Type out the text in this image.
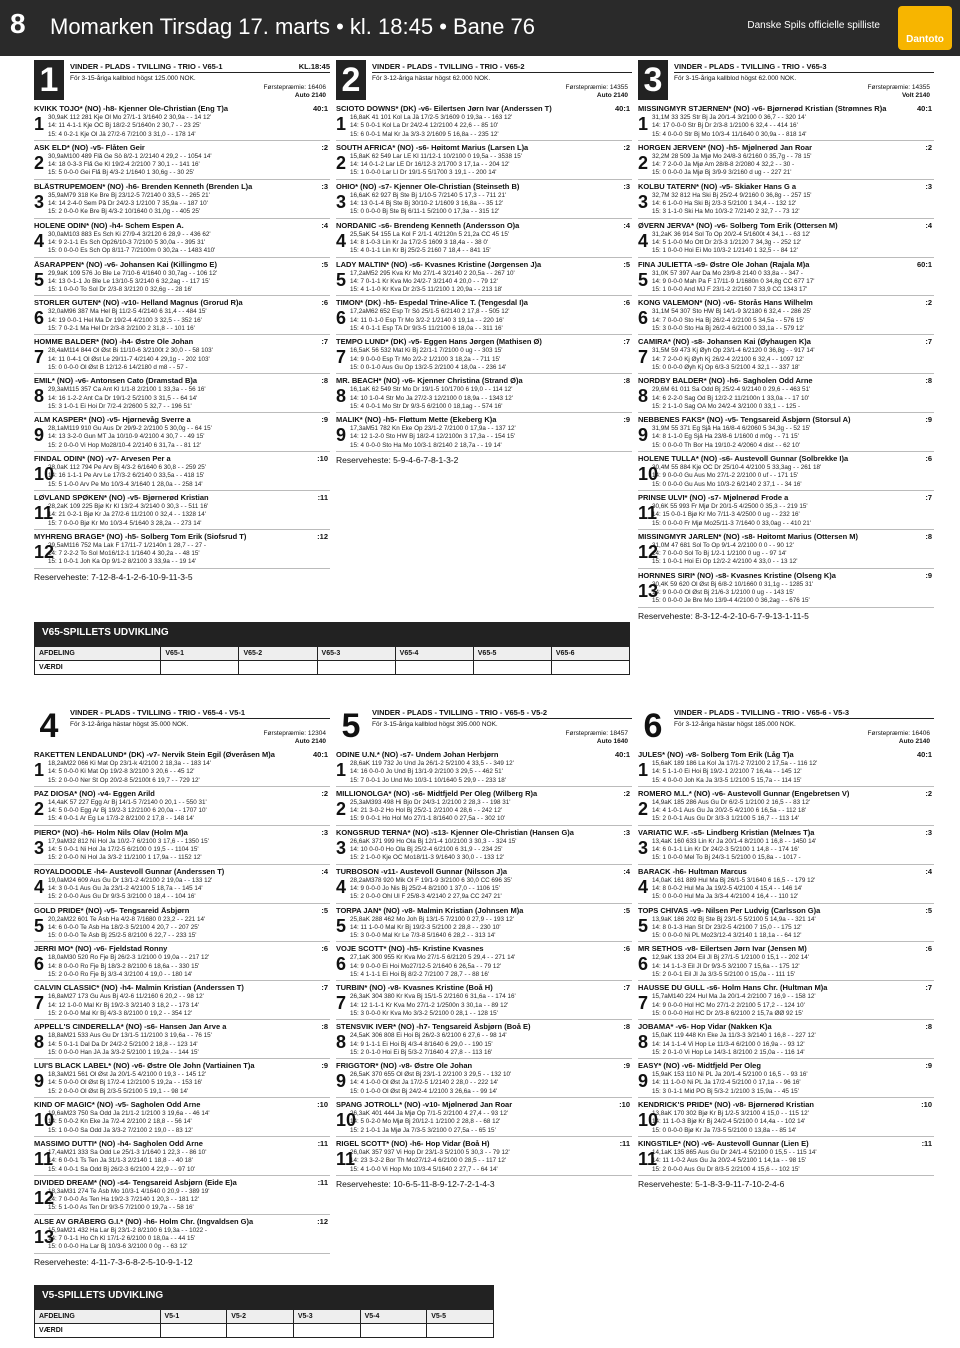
8 Momarken Tirsdag 17. marts • kl. 18:45 • Bane 76	Danske Spils officielle spilliste
Dantoto
1	VINDER - PLADS - TVILLING - TRIO - V65-1	KL.18:45
För 3-15-åriga kallblod högst 125.000 NOK.
Førstepræmie: 16406
Auto 2140
KVIKK TOJO* (NO) -h8- Kjenner Ole-Christian (Eng T)a	40:1
1 30,9aK 112 281 Kje Ol Mo 27/1-1 3/1640 2 30,9a - - 14 12'
14: 11 4-1-1 Kje OC Bj 18/2-2 5/1640n 2 30,7 - - 23 25'
15: 4 0-2-1 Kje Ol Jä 27/2-6 7/2100 3 31,0 - - 178 14'
ASK ELD* (NO) -v5- Flåten Geir	:2
2 30,9aM100 489 Flå Ge Sö 8/2-1 2/2140 4 29,2 - - 1054 14'
14: 18 0-3-3 Flå Ge Kl 19/2-4 2/2100 7 30,1 - - 141 16'
15: 5 0-0-0 Gei Flå Bj 4/3-2 1/1640 1 30,6g - - 30 25'
BLÅSTRUPEMOEN* (NO) -h6- Brenden Kenneth (Brenden L)a	:3
3 35,9aM79 318 Ke Bre Bj 23/12-5 7/2140 0 33,5 - - 265 21'
14: 14 2-4-0 Sem På Dr 24/2-3 1/2100 7 35,9a - - 187 10'
15: 2 0-0-0 Ke Bre Bj 4/3-2 10/1640 0 31,0g - - 405 25'
HOLENE ODIN* (NO) -h4- Schem Espen A.	:4
4 30,0aM103 883 Es Sch Ki 27/9-4 3/2120 6 28,9 - - 436 62'
14: 9 2-1-1 Es Sch Op26/10-3 7/2100 5 30,0a - - 395 31'
15: 0 0-0-0 Es Sch Op 8/11-7 7/2100m 0 30,2a - - 1483 410'
ÅSARAPPEN* (NO) -v6- Johansen Kai (Killingmo E)	:5
5 29,9aK 109 576 Jo Ble Le 7/10-6 4/1640 0 30,7ag - - 106 12'
14: 13 0-1-1 Jo Ble Le 13/10-5 3/2140 6 32,2ag - - 117 15'
15: 1 0-0-0 To Sol Dr 2/3-8 3/2120 0 32,6g - - 28 16'
STORLER GUTEN* (NO) -v10- Helland Magnus (Grorud R)a	:6
6 32,0aM96 387 Ma Hel Bj 11/2-5 4/2140 6 31,4 - - 484 15'
14: 19 0-0-1 Hel Ma Dr 19/2-4 4/2100 3 32,5 - - 352 16'
15: 7 0-2-1 Ma Hel Dr 2/3-8 2/2100 2 31,8 - - 101 16'
HOMME BALDER* (NO) -h4- Østre Ole Johan	:7
7 28,4aM114 844 Ol Øst Bi 11/10-6 3/2100t 2 30,0 - - 58 103'
14: 11 0-4-1 Ol Øst Le 29/11-7 4/2140 4 29,1g - - 202 103'
15: 0 0-0-0 Ol Øst B 12/12-6 14/2180 d m8 - - 57 -
EMIL* (NO) -v6- Antonsen Cato (Dramstad B)a	:8
8 29,3aM115 357 Ca Ant Kl 1/1-8 2/2100 1 33,3a - - 56 16'
14: 16 1-2-2 Ant Ca Dr 19/1-2 5/2100 3 31,5 - - 64 14'
15: 3 1-0-1 Ei Hoi Dr 7/2-4 2/2600 5 32,7 - - 196 51'
ALM KASPER* (NO) -v5- Hjørnevåg Sverre a	:9
9 28,1aM119 910 Gu Aus Dr 29/9-2 2/2100 5 30,0g - - 64 15'
14: 13 3-2-0 Gun MT Ja 10/10-9 4/2100 4 30,7 - - 49 15'
15: 2 0-0-0 Vi Hop Mo28/10-4 2/2140 6 31,7a - - 81 12'
FINDAL ODIN* (NO) -v7- Arvesen Per a	:10
10
28,0aK 112 794 Pe Arv Bj 4/3-2 6/1640 6 30,8 - - 259 25'
14: 16 1-1-1 Pe Arv Le 17/3-2 6/2140 0 33,5a - - 418 15'
15: 5 1-0-0 Arv Pe Mo 10/3-4 3/1640 1 28,0a - - 258 14'
LØVLAND SPØKEN* (NO) -v5- Bjørnerød Kristian	:11
11
28,2aK 109 225 Bjø Kr Kl 13/2-4 3/2140 0 30,3 - - 511 16'
14: 21 0-2-1 Bjø Kr Ja 27/2-6 11/2100 0 32,4 - - 1328 14'
15: 7 0-0-0 Bjø Kr Mo 10/3-4 5/1640 3 28,2a - - 273 14'
MYHRENG BRAGE* (NO) -h5- Solberg Tom Erik (Siofsrud T)	:12
12
29,5aM116 752 Ma Lak F 17/11-7 1/2140n 1 28,7 - - 27 -
14: 7 2-2-2 To Sol Mo16/12-1 1/1640 4 30,2a - - 48 15'
15: 1 0-0-1 Joh Ka Op 9/1-2 8/2100 3 33,9a - - 19 14'
Reserveheste: 7-12-8-4-1-2-6-10-9-11-3-5
2	VINDER - PLADS - TVILLING - TRIO - V65-2
För 3-12-åriga hästar högst 62.000 NOK.
Førstepræmie: 14355
Auto 2140
SCIOTO DOWNS* (DK) -v6- Eilertsen Jørn Ivar (Anderssen T)	40:1
1 16,8aK 41 101 Kol La Jä 17/2-5 3/1609 0 19,3a - - 163 12'
14: 5 0-0-1 Kol La Dr 24/2-4 12/2100 4 22,6 - - 85 10'
15: 6 0-0-1 Mal Kr Ja 3/3-3 2/1609 5 16,8a - - 235 12'
SOUTH AFRICA* (NO) -s6- Høitomt Marius (Larsen L)a	:2
2 15,8aK 62 549 Lar LE Kl 11/12-1 10/2100 0 19,5a - - 3538 15'
14: 14 0-1-2 Lar LE Dr 16/12-3 2/1700 3 17,1a - - 204 12'
15: 1 0-0-0 Lar LI Dr 19/1-5 5/1700 3 19,1 - - 200 14'
OHIO* (NO) -s7- Kjenner Ole-Christian (Steinseth B)	:3
3 16,6aK 62 927 Bj Ste Bj 1/10-5 7/2140 5 17,3 - - 711 21'
14: 13 0-1-4 Bj Ste Bj 30/10-2 1/1609 3 16,8a - - 35 12'
15: 0 0-0-0 Bj Ste Bj 6/11-1 5/2100 0 17,3a - - 315 12'
NORDANIC -s6- Brendeng Kenneth (Andersson O)a	:4
4 25,5aK 54 155 La Kol F 2/1-1 4/2120n 5 21,2a CC 45 15'
14: 8 1-0-3 Lin Kr Ja 17/2-5 1609 3 18,4a - - 38 0'
15: 4 0-1-1 Lin Kr Bj 25/2-5 2160 7 18,4 - - 841 15'
LADY MALTIN* (NO) -s6- Kvasnes Kristine (Jørgensen J)a	:5
5 17,2aM52 295 Kva Kr Mo 27/1-4 3/2140 2 20,5a - - 267 10'
14: 7 0-1-1 Kr Kva Mo 24/2-7 3/2140 4 20,0 - - 79 12'
15: 4 1-1-0 Kr Kva Dr 2/3-5 11/2100 1 20,9a - - 213 18'
TIMON* (DK) -h5- Espedal Trine-Alice T. (Tengesdal I)a	:6
6 17,2aM62 652 Esp Tr Sö 25/1-5 6/2140 2 17,8 - - 505 12'
14: 11 0-1-0 Esp Tr Mo 3/2-2 1/2140 3 19,1a - - 220 16'
15: 4 0-1-1 Esp TA Dr 9/3-5 11/2100 6 18,0a - - 311 16'
TEMPO LUND* (DK) -v5- Eggen Hans Jørgen (Mathisen Ø)	:7
7 16,5aK 56 532 Mat Ki Bj 22/1-1 7/2100 0 ug - - 303 15'
14: 9 0-0-0 Esp Tr Mo 2/2-2 1/2100 3 18,2a - - 711 15'
15: 0 0-1-0 Aus Gu Op 13/2-5 2/2100 4 18,0a - - 236 14'
MR. BEACH* (NO) -v6- Kjenner Christina (Strand Ø)a	:8
8 16,1aK 62 549 Str Mo Dr 19/1-5 10/1700 6 19,0 - - 114 12'
14: 10 1-0-4 Str Mo Ja 27/2-3 12/2100 0 18,9a - - 1343 12'
15: 4 0-0-1 Mo Str Dr 9/3-5 6/2100 0 18,1ag - - 574 16'
MALIK* (NO) -h5- Fløttum Mette (Ekeberg K)a	:9
9 17,3aM51 782 Kn Eke Op 23/1-2 7/2100 0 17,9a - - 137 12'
14: 12 1-2-0 Sto HW Bj 18/2-4 12/2100n 3 17,3a - - 154 15'
15: 4 0-0-0 Sto Ha Mo 10/3-1 8/2140 2 18,7a - - 19 14'
Reserveheste: 5-9-4-6-7-8-1-3-2
3	VINDER - PLADS - TVILLING - TRIO - V65-3
För 3-15-åriga kallblod högst 62.000 NOK.
Førstepræmie: 14355
Volt 2140
MISSINGMYR STJERNEN* (NO) -v6- Bjørnerød Kristian (Strømnes R)a	40:1
1 31,1M 33 325 Str Bj Ja 20/1-4 3/2100 0 36,7 - - 320 14'
14: 17 0-0-0 Str Bj Dr 2/3-8 1/2100 6 32,4 - - 414 16'
15: 4 0-0-0 Str Bj Mo 10/3-4 11/1640 0 30,9a - - 818 14'
HORGEN JERVEN* (NO) -h5- Mjølnerød Jan Roar	:2
2 32,2M 28 509 Ja Mjø Mo 24/8-3 6/2160 0 35,7g - - 78 15'
14: 7 2-0-0 Ja Mjø Am 28/8-8 2/2080 4 32,2 - - 30 -
15: 0 0-0-0 Ja Mjø Bj 3/9-9 3/2160 d ug - - 227 21'
KOLBU TATERN* (NO) -v5- Skiaker Hans G a	:3
3 32,7M 32 812 Ha Ski Bj 25/2-4 9/2160 0 36,8g - - 257 15'
14: 6 1-0-0 Ha Ski Bj 2/3-3 5/2100 1 34,4 - - 132 12'
15: 3 1-1-0 Ski Ha Mo 10/3-2 7/2140 2 32,7 - - 73 12'
ØVERN JERVA* (NO) -v6- Solberg Tom Erik (Ottersen M)	:4
4 31,2aK 36 914 Sol To Op 20/2-4 5/1600t 4 34,1 - - 63 12'
14: 5 1-0-0 Mo Ott Dr 2/3-3 1/2120 7 34,3g - - 252 12'
15: 1 0-0-0 Hoi Ei Mo 10/3-2 1/2140 1 32,5 - - 84 12'
FINA JULIETTA -s9- Østre Ole Johan (Rajala M)a	60:1
5 31,0K 57 397 Aar Da Mo 23/9-8 2140 0 33,8a - - 347 -
14: 9 0-0-0 Mah Pa F 17/11-9 1/1680n 0 34,8g CC 677 17'
15: 1 0-0-0 And MJ F 23/1-2 2/2160 7 33,9 CC 1343 17'
KONG VALEMON* (NO) -v6- Storås Hans Wilhelm	:2
6 31,1M 54 307 Sto HW Bj 14/1-9 3/2180 6 32,4 - - 286 25'
14: 7 0-0-0 Sto Ha Bj 26/2-4 2/2100 5 34,5a - - 576 15'
15: 3 0-0-0 Sto Ha Bj 26/2-4 6/2100 0 33,1a - - 579 12'
CAMIRA* (NO) -s8- Johansen Kai (Øyhaugen K)a	:7
7 31,5M 59 473 Kj Øyh Op 23/1-4 6/2120 0 36,8g - - 917 14'
14: 7 2-0-0 Kj Øyh Kj 26/2-4 2/2100 6 32,4 - - 1097 12'
15: 0 0-0-0 Øyh Kj Op 6/3-3 5/2100 4 32,1 - - 337 18'
NORDBY BALDER* (NO) -h6- Sagholen Odd Arne	:8
8 29,6M 61 011 Sa Odd Bj 25/2-4 9/2140 0 29,6 - - 463 51'
14: 6 2-2-0 Sag Od Bj 12/2-2 11/2100n 1 33,0a - - 17 10'
15: 2 1-1-0 Sag OA Mo 24/2-4 3/2100 0 33,1 - - 125 -
NEBBENES FAKS* (NO) -v5- Tengsareid Åsbjørn (Storsul A)	:9
9 31,9M 55 371 Eg Sjå Ha 16/8-4 6/2060 5 34,3g - - 52 15'
14: 8 1-1-0 Eg Sjå Ha 23/8-6 1/1600 d m0g - - 71 15'
15: 0 0-0-0 Th Bor Ha 19/10-2 4/2060 4 dist - - 62 10'
HOLENE TULLA* (NO) -s6- Austevoll Gunnar (Solbrekke I)a	:6
10
30,4M 55 884 Kje OC Dr 25/10-4 4/2100 5 33,3ag - - 261 18'
14: 9 0-0-0 Gu Aus Mo 27/1-2 2/2100 0 uf - - 171 15'
15: 0 0-0-0 Gu Aus Mo 10/3-2 6/2140 2 37,1 - - 34 16'
PRINSE ULVI* (NO) -s7- Mjølnerød Frode a	:7
11
30,6K 55 993 Fr Mjø Dr 20/1-5 4/2500 0 35,3 - - 219 15'
14: 15 0-0-1 Bjø Kr Mo 7/11-3 4/2500 0 ug - - 232 16'
15: 0 0-0-0 Fr Mjø Mo25/11-3 7/1640 0 33,0ag - - 410 21'
MISSINGMYR JARLEN* (NO) -s8- Høitomt Marius (Ottersen M)	:8
12
31,0M 47 681 Sol To Op 9/1-4 2/2100 0 0 - - 90 12'
14: 7 0-0-0 Sol To Bj 1/2-1 1/2100 0 ug - - 97 14'
15: 1 0-0-1 Hoi Ei Op 12/2-2 4/2100 4 33,0 - - 13 12'
HORNNES SIRI* (NO) -s8- Kvasnes Kristine (Olseng K)a	:9
13
30,4K 59 620 Ol Øst Bj 6/8-2 10/1660 0 31,1g - - 1285 31'
14: 9 0-0-0 Ol Øst Bj 21/6-3 1/2100 0 ug - - 143 15'
15: 0 0-0-0 Je Bre Mo 13/9-4 4/2100 0 36,2ag - - 676 15'
Reserveheste: 8-3-12-4-2-10-6-7-9-13-1-11-5
4	VINDER - PLADS - TVILLING - TRIO - V65-4 - V5-1
För 3-12-åriga hästar högst 35.000 NOK.
Førstepræmie: 12304
Auto 2140
RAKETTEN LENDALUND* (DK) -v7- Nervik Stein Egil (Øveråsen M)a	40:1
1 18,2aM22 066 Ki Mat Op 23/1-k 4/2100 2 18,3a - - 183 14'
14: 5 0-0-0 Ki Mat Op 19/2-8 3/2100 3 20,6 - - 45 12'
15: 2 0-0-0 Ner St Op 20/2-8 5/2100t 6 19,7 - - 729 12'
PAZ DIOSA* (NO) -v4- Eggen Arild	:2
2 14,4aK 57 227 Egg Ar Bj 14/1-5 7/2140 0 20,1 - - 550 31'
14: 5 0-0-0 Egg Ar Bj 19/2-3 12/2100 6 20,0a - - 1707 10'
15: 4 0-0-1 Ar Eg Le 17/3-2 8/2100 2 17,8 - - 148 14'
PIERO* (NO) -h6- Holm Nils Olav (Holm M)a	:3
3 17,9aM32 812 Ni Hol Ja 10/2-7 6/2100 3 17,6 - - 1350 15'
14: 5 0-0-1 Ni Hol Ja 17/2-5 6/2100 0 19,5 - - 1104 15'
15: 2 0-0-0 Ni Hol Ja 3/3-2 11/2100 1 17,9a - - 1152 12'
ROYALDOODLE -h4- Austevoll Gunnar (Anderssen T)	:4
4 19,0aM24 609 Aus Gu Dr 13/1-2 4/2100 2 19,0a - - 133 12'
14: 3 0-0-1 Aus Gu Ja 23/1-2 4/2100 5 18,7a - - 145 14'
15: 2 0-0-0 Aus Gu Dr 9/3-5 3/2100 0 18,4 - - 104 16'
GOLD PRIDE* (NO) -v5- Tengsareid Åsbjørn	:5
5 20,2aM22 601 Te Åsb Ha 4/2-8 7/1680 0 23,2 - - 221 14'
14: 6 0-0-0 Te Åsb Ha 18/2-3 5/2100 4 20,7 - - 207 25'
15: 0 0-0-0 Te Åsb Bj 25/2-5 8/2100 6 22,7 - - 233 15'
JERRI MO* (NO) -v6- Fjeldstad Ronny	:6
6 18,0aM30 520 Ro Fje Bj 26/2-3 1/2100 0 19,0a - - 217 12'
14: 8 0-0-0 Ro Fje Bj 18/3-2 8/2100 6 18,6a - - 330 15'
15: 2 0-0-0 Ro Fje Bj 3/3-4 3/2100 4 19,0 - - 180 14'
CALVIN CLASSIC* (NO) -h4- Malmin Kristian (Anderssen T)	:7
7 16,8aM27 173 Gu Aus Bj 4/2-6 11/2160 6 20,2 - - 98 12'
14: 12 1-0-0 Mal Kr Bj 19/2-3 3/2140 3 18,2 - - 173 14'
15: 2 0-0-0 Mal Kr Bj 4/3-3 8/2100 0 19,2 - - 354 12'
APPELL'S CINDERELLA* (NO) -s6- Hansen Jan Arve a	:8
8 18,8aM21 533 Aus Gu Dr 13/1-5 11/2100 3 19,6a - - 76 15'
14: 5 0-1-1 Dal Da Dr 24/2-2 5/2100 2 18,8 - - 123 14'
15: 0 0-0-0 Han JA Ja 3/3-2 5/2100 1 19,2a - - 144 15'
LUI'S BLACK LABEL* (NO) -v6- Østre Ole John (Vartiainen T)a	:9
9 18,3aM21 561 Ol Øst Ja 20/1-5 4/2100 0 19,3 - - 145 12'
14: 5 0-0-0 Ol Øst Bj 17/2-4 12/2100 5 19,2a - - 153 16'
15: 2 0-0-0 Ol Øst Bj 2/3-5 5/2100 5 19,1 - - 98 14'
KIND OF MAGIC* (NO) -v5- Sagholen Odd Arne	:10
10
19,6aM23 750 Sa Odd Ja 21/1-2 1/2100 3 19,6a - - 46 14'
14: 5 0-0-2 Kn Eke Ja 7/2-4 2/2100 2 18,8 - - 56 14'
15: 1 0-0-0 Sa Odd Ja 3/3-2 7/2100 2 19,0 - - 83 12'
MASSIMO DUTTI* (NO) -h4- Sagholen Odd Arne	:11
11
17,4aM21 333 Sa Odd Le 25/1-3 1/1640 1 22,3 - - 86 10'
14: 6 0-0-1 Ts Ten Ja 31/1-3 2/2140 1 18,8 - - 40 18'
15: 4 0-0-1 Sa Odd Bj 26/2-3 6/2100 4 22,9 - - 97 10'
DIVIDED DREAM* (NO) -s4- Tengsareid Åsbjørn (Eide E)a	:11
12
18,3aM31 274 Te Åsb Mo 10/3-1 4/1640 0 20,9 - - 389 19'
14: 7 0-0-0 Ås Ten Ha 19/2-3 7/2140 1 20,3 - - 181 12'
15: 5 1-0-0 As Ten Dr 9/3-5 7/2100 0 19,7a - - 58 16'
ALSE AV GRÅBERG G.I.* (NO) -h6- Holm Chr. (Ingvaldsen G)a	:12
13
15,9aM21 432 Ha Lar Bj 23/1-2 8/2100 6 19,3a - - 1022 -
14: 7 0-1-1 Ho Ch Kl 17/1-2 6/2100 0 18,0a - - 44 15'
15: 0 0-0-0 Ha Lar Bj 10/3-6 3/2100 0 0g - - 63 12'
Reserveheste: 4-11-7-3-6-8-2-5-10-9-1-12
5	VINDER - PLADS - TVILLING - TRIO - V65-5 - V5-2
För 3-15-åriga kallblod högst 395.000 NOK.
Førstepræmie: 18457
Auto 1640
ODINE U.N.* (NO) -s7- Undem Johan Herbjørn	40:1
1 28,6aK 119 732 Jo Und Ja 26/1-2 5/2100 4 33,5 - - 349 12'
14: 16 0-0-0 Jo Und Bj 13/1-9 2/2100 3 29,5 - - 462 51'
15: 7 0-0-1 Jo Und Mo 10/3-1 10/1640 5 29,9 - - 233 18'
MILLIONOLGA* (NO) -s6- Midtfjeld Per Oleg (Wilberg R)a	:2
2 25,3aM393 498 Hi Bjo Dr 24/3-1 2/2100 2 28,3 - - 198 31'
14: 21 3-0-2 Ho Hol Bj 25/2-1 2/2100 4 28,6 - - 242 12'
15: 9 0-0-1 Ho Hol Mo 27/1-1 8/1640 0 27,5a - - 302 10'
KONGSRUD TERNA* (NO) -s13- Kjenner Ole-Christian (Hansen G)a	:3
3 26,6aK 371 999 Ho Ola Bj 12/1-4 10/2100 3 30,3 - - 324 15'
14: 10 0-0-0 Ho Ola Bj 25/2-4 6/2100 6 31,9 - - 234 25'
15: 2 1-0-0 Kje OC Mo18/11-3 9/1640 3 30,0 - - 133 12'
TURBOSON -v11- Austevoll Gunnar (Nilsson J)a	:4
4 28,2aM378 920 Mik Ol F 19/1-9 3/2100 6 30,0 CC 696 35'
14: 9 0-0-0 Jo Nis Bj 25/2-4 8/2100 1 37,0 - - 1106 15'
15: 2 0-0-0 Ohl Ul F 25/8-3 4/2140 2 27,9a CC 247 21'
TORPA JAN* (NO) -v8- Malmin Kristian (Johnsen M)a	:5
5 25,8aK 288 462 Mo Joh Bj 13/1-5 7/2100 0 27,9 - - 193 12'
14: 11 1-0-0 Mal Kr Bj 19/2-3 5/2100 2 28,8 - - 230 10'
15: 3 0-0-0 Mal Kr Le 7/3-8 5/1640 6 28,2 - - 313 14'
VOJE SCOTT* (NO) -h5- Kristine Kvasnes	:6
6 27,1aK 300 955 Kr Kva Mo 27/1-5 6/2120 5 29,4 - - 271 14'
14: 9 0-0-0 Ei Hoi Mo27/12-5 2/1640 6 26,5a - - 79 12'
15: 4 1-1-1 Ei Hoi Bj 8/2-2 7/2100 7 28,7 - - 88 16'
TURBIN* (NO) -v8- Kvasnes Kristine (Boå H)	:7
7 26,3aK 304 380 Kr Kva Bj 15/1-5 2/2160 6 31,6a - - 174 16'
14: 12 1-1-1 Kr Kva Mo 27/1-2 1/2500n 3 30,1a - - 89 12'
15: 3 0-0-0 Kr Kva Mo 3/3-2 5/2100 0 28,1 - - 128 15'
STENSVIK IVER* (NO) -h7- Tengsareid Åsbjørn (Boå E)	:8
8 24,5aK 306 808 Ei Hoi Bj 26/2-3 6/2100 6 27,6 - - 98 14'
14: 9 1-1-1 Ei Hoi Bj 4/3-4 8/1640 6 29,0 - - 190 15'
15: 2 0-1-0 Hoi Ei Bj 5/3-2 7/1640 4 27,8 - - 113 16'
FRIGGTOR* (NO) -v8- Østre Ole Johan	:9
9 26,5aK 370 655 Ol Øst Bj 23/1-1 2/2100 3 29,5 - - 132 10'
14: 4 1-0-0 Ol Øst Ja 17/2-5 1/2140 2 28,0 - - 222 14'
15: 0 1-0-0 Ol Øst Bj 24/2-4 1/2100 3 26,6a - - 99 14'
SPANG JOTROLL* (NO) -v10- Mjølnerød Jan Roar	:10
10
26,3aK 401 444 Ja Mjø Op 7/1-5 2/2100 4 27,4 - - 93 12'
14: 5 0-2-0 Mo Mjø Bj 20/12-1 1/2100 2 28,8 - - 68 12'
15: 2 1-0-1 Ja Mjø Ja 7/3-5 3/2100 0 27,5a - - 65 15'
RIGEL SCOTT* (NO) -h6- Hop Vidar (Boå H)	:11
11
26,0aK 357 937 Vi Hop Dr 23/1-3 5/2100 5 30,3 - - 79 12'
14: 23 3-2-2 Bor Th Mo27/12-4 6/2100 0 28,5 - - 117 12'
15: 4 1-0-0 Vi Hop Mo 10/3-4 5/1640 2 27,7 - - 64 14'
Reserveheste: 10-6-5-11-8-9-12-7-2-1-4-3
6	VINDER - PLADS - TVILLING - TRIO - V65-6 - V5-3
För 3-12-åriga hästar högst 185.000 NOK.
Førstepræmie: 16406
Auto 2140
JULES* (NO) -v8- Solberg Tom Erik (Låg T)a	40:1
1 15,6aK 189 186 La Kol Ja 17/1-2 7/2100 2 17,5a - - 116 12'
14: 5 1-1-0 Ei Hoi Bj 19/2-1 2/2100 7 16,4a - - 145 12'
15: 4 0-0-0 Joh Ka Ja 3/3-5 1/2100 5 15,7a - - 114 15'
ROMERO M.L.* (NO) -v6- Austevoll Gunnar (Engebretsen V)	:2
2 14,9aK 185 286 Aus Gu Dr 6/2-5 1/2100 2 16,5 - - 83 12'
14: 4 1-0-1 Aus Gu Ja 20/2-5 4/2100 6 16,5a - - 112 18'
15: 2 0-0-1 Aus Gu Dr 3/3-3 1/2100 5 16,7 - - 113 14'
VARIATIC W.F. -s5- Lindberg Kristian (Melnæs T)a	:3
3 13,4aK 160 633 Lin Kr Ja 20/1-4 8/2100 1 16,8 - - 1450 14'
14: 6 0-1-1 Lin Kr Dr 24/2-3 5/2100 1 14,8 - - 174 16'
15: 1 0-0-0 Mel To Bj 24/3-1 5/2100 0 15,8a - - 1017 -
BARACK -h6- Hultman Marcus	:4
4 14,0aK 161 889 Hul Ma Bj 26/1-5 3/1640 6 16,5 - - 179 12'
14: 8 0-0-2 Hul Ma Ja 19/2-5 4/2100 4 15,4 - - 146 14'
15: 0 0-0-0 Hul Ma Ja 3/3-4 4/2100 4 16,4 - - 110 12'
TOPS CHIVAS -v9- Nilsen Per Ludvig (Carlsson G)a	:5
5 13,9aK 186 202 Bj Ste Bj 23/1-5 5/2100 5 14,9a - - 321 14'
14: 8 0-1-3 Han St Dr 23/2-5 4/2100 7 15,0 - - 175 12'
15: 0 0-0-0 Ni PL Mo23/12-4 3/2140 1 18,1a - - 64 12'
MR SETHOS -v8- Eilertsen Jørn Ivar (Jensen M)	:6
6 12,9aK 133 204 Eil JI Bj 27/1-5 1/2100 0 15,1 - - 202 14'
14: 14 1-1-3 Eil JI Dr 9/3-5 3/2100 7 15,6a - - 175 12'
15: 2 0-0-1 Eil JI Ja 3/3-5 5/2100 0 15,0a - - 111 15'
HAUSSE DU GULL -s6- Holm Hans Chr. (Hultman M)a	:7
7 15,7aM140 224 Hul Ma Ja 20/1-4 2/2100 7 16,9 - - 158 12'
14: 9 0-0-0 Hol HC Mo 27/1-2 2/2100 5 17,2 - - 124 10'
15: 0 0-0-0 Hol HC Dr 2/3-8 6/2100 2 15,7a ØØ 92 15'
JOBAMA* -v6- Hop Vidar (Nakken K)a	:8
8 15,0aK 119 448 Kn Eke Ja 11/3-3 3/2140 1 16,8 - - 227 12'
14: 14 1-1-4 Vi Hop Le 11/3-4 6/2100 0 16,9a - - 93 12'
15: 2 0-1-0 Vi Hop Le 14/3-1 8/2100 2 15,0a - - 116 14'
EASY* (NO) -v6- Midtfjeld Per Oleg	:9
9 15,9aK 153 110 Ni PL Ja 20/1-4 5/2100 0 16,5 - - 93 16'
14: 11 1-0-0 Ni PL Ja 17/2-4 5/2100 0 17,1a - - 96 16'
15: 3 0-1-1 Mid PO Bj 5/3-2 1/2100 3 15,9a - - 45 15'
KENDRICK'S PRIDE* (NO) -v8- Bjørnerød Kristian	:10
10
13,8aK 170 302 Bjø Kr Bj 1/2-5 3/2100 4 15,0 - - 115 12'
14: 11 1-0-3 Bjø Kr Bj 24/2-4 5/2100 0 14,4a - - 102 14'
15: 0 0-0-0 Bjø Kr Ja 7/3-5 5/2100 0 13,8a - - 85 14'
KINGSTILE* (NO) -v6- Austevoll Gunnar (Lien E)	:11
11
14,1aK 135 865 Aus Gu Dr 24/1-4 5/2100 0 15,5 - - 115 14'
14: 11 1-0-2 Aus Gu Ja 20/2-4 5/2100 1 14,1a - - 98 15'
15: 2 0-0-0 Aus Gu Dr 8/3-5 2/2100 4 15,6 - - 102 15'
Reserveheste: 5-1-8-3-9-11-7-10-2-4-6
V65-SPILLETS UDVIKLING
AFDELING	V65-1	V65-2	V65-3	V65-4	V65-5	V65-6
VÆRDI						
V5-SPILLETS UDVIKLING
AFDELING	V5-1	V5-2	V5-3	V5-4	V5-5
VÆRDI					
